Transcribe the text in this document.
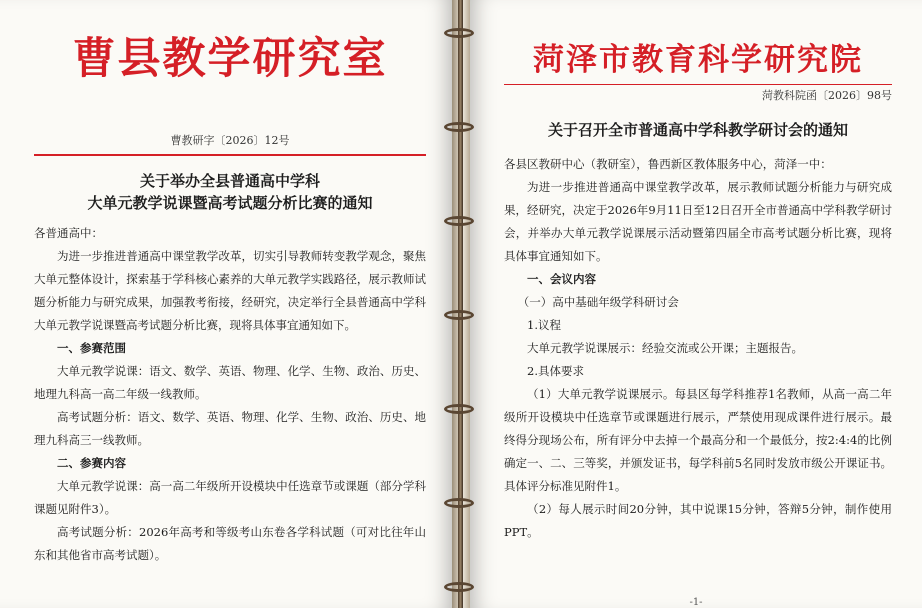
曹县教学研究室
曹教研字〔2026〕12号
关于举办全县普通高中学科
大单元教学说课暨高考试题分析比赛的通知

各普通高中：

为进一步推进普通高中课堂教学改革，切实引导教师转变教学观念，聚焦大单元整体设计，探索基于学科核心素养的大单元教学实践路径，展示教师试题分析能力与研究成果，加强教考衔接，经研究，决定举行全县普通高中学科大单元教学说课暨高考试题分析比赛，现将具体事宜通知如下。

一、参赛范围

大单元教学说课：语文、数学、英语、物理、化学、生物、政治、历史、地理九科高一高二年级一线教师。

高考试题分析：语文、数学、英语、物理、化学、生物、政治、历史、地理九科高三一线教师。

二、参赛内容

大单元教学说课：高一高二年级所开设模块中任选章节或课题（部分学科课题见附件3）。

高考试题分析：2026年高考和等级考山东卷各学科试题（可对比往年山东和其他省市高考试题）。

菏泽市教育科学研究院
菏教科院函〔2026〕98号
关于召开全市普通高中学科教学研讨会的通知

各县区教研中心（教研室），鲁西新区教体服务中心，菏泽一中：

为进一步推进普通高中课堂教学改革，展示教师试题分析能力与研究成果，经研究，决定于2026年9月11日至12日召开全市普通高中学科教学研讨会，并举办大单元教学说课展示活动暨第四届全市高考试题分析比赛，现将具体事宜通知如下。

一、会议内容

（一）高中基础年级学科研讨会

1.议程

大单元教学说课展示：经验交流或公开课；主题报告。

2.具体要求

（1）大单元教学说课展示。每县区每学科推荐1名教师，从高一高二年级所开设模块中任选章节或课题进行展示，严禁使用现成课件进行展示。最终得分现场公布，所有评分中去掉一个最高分和一个最低分，按2:4:4的比例确定一、二、三等奖，并颁发证书，每学科前5名同时发放市级公开课证书。具体评分标准见附件1。

（2）每人展示时间20分钟，其中说课15分钟，答辩5分钟，制作使用PPT。

-1-
